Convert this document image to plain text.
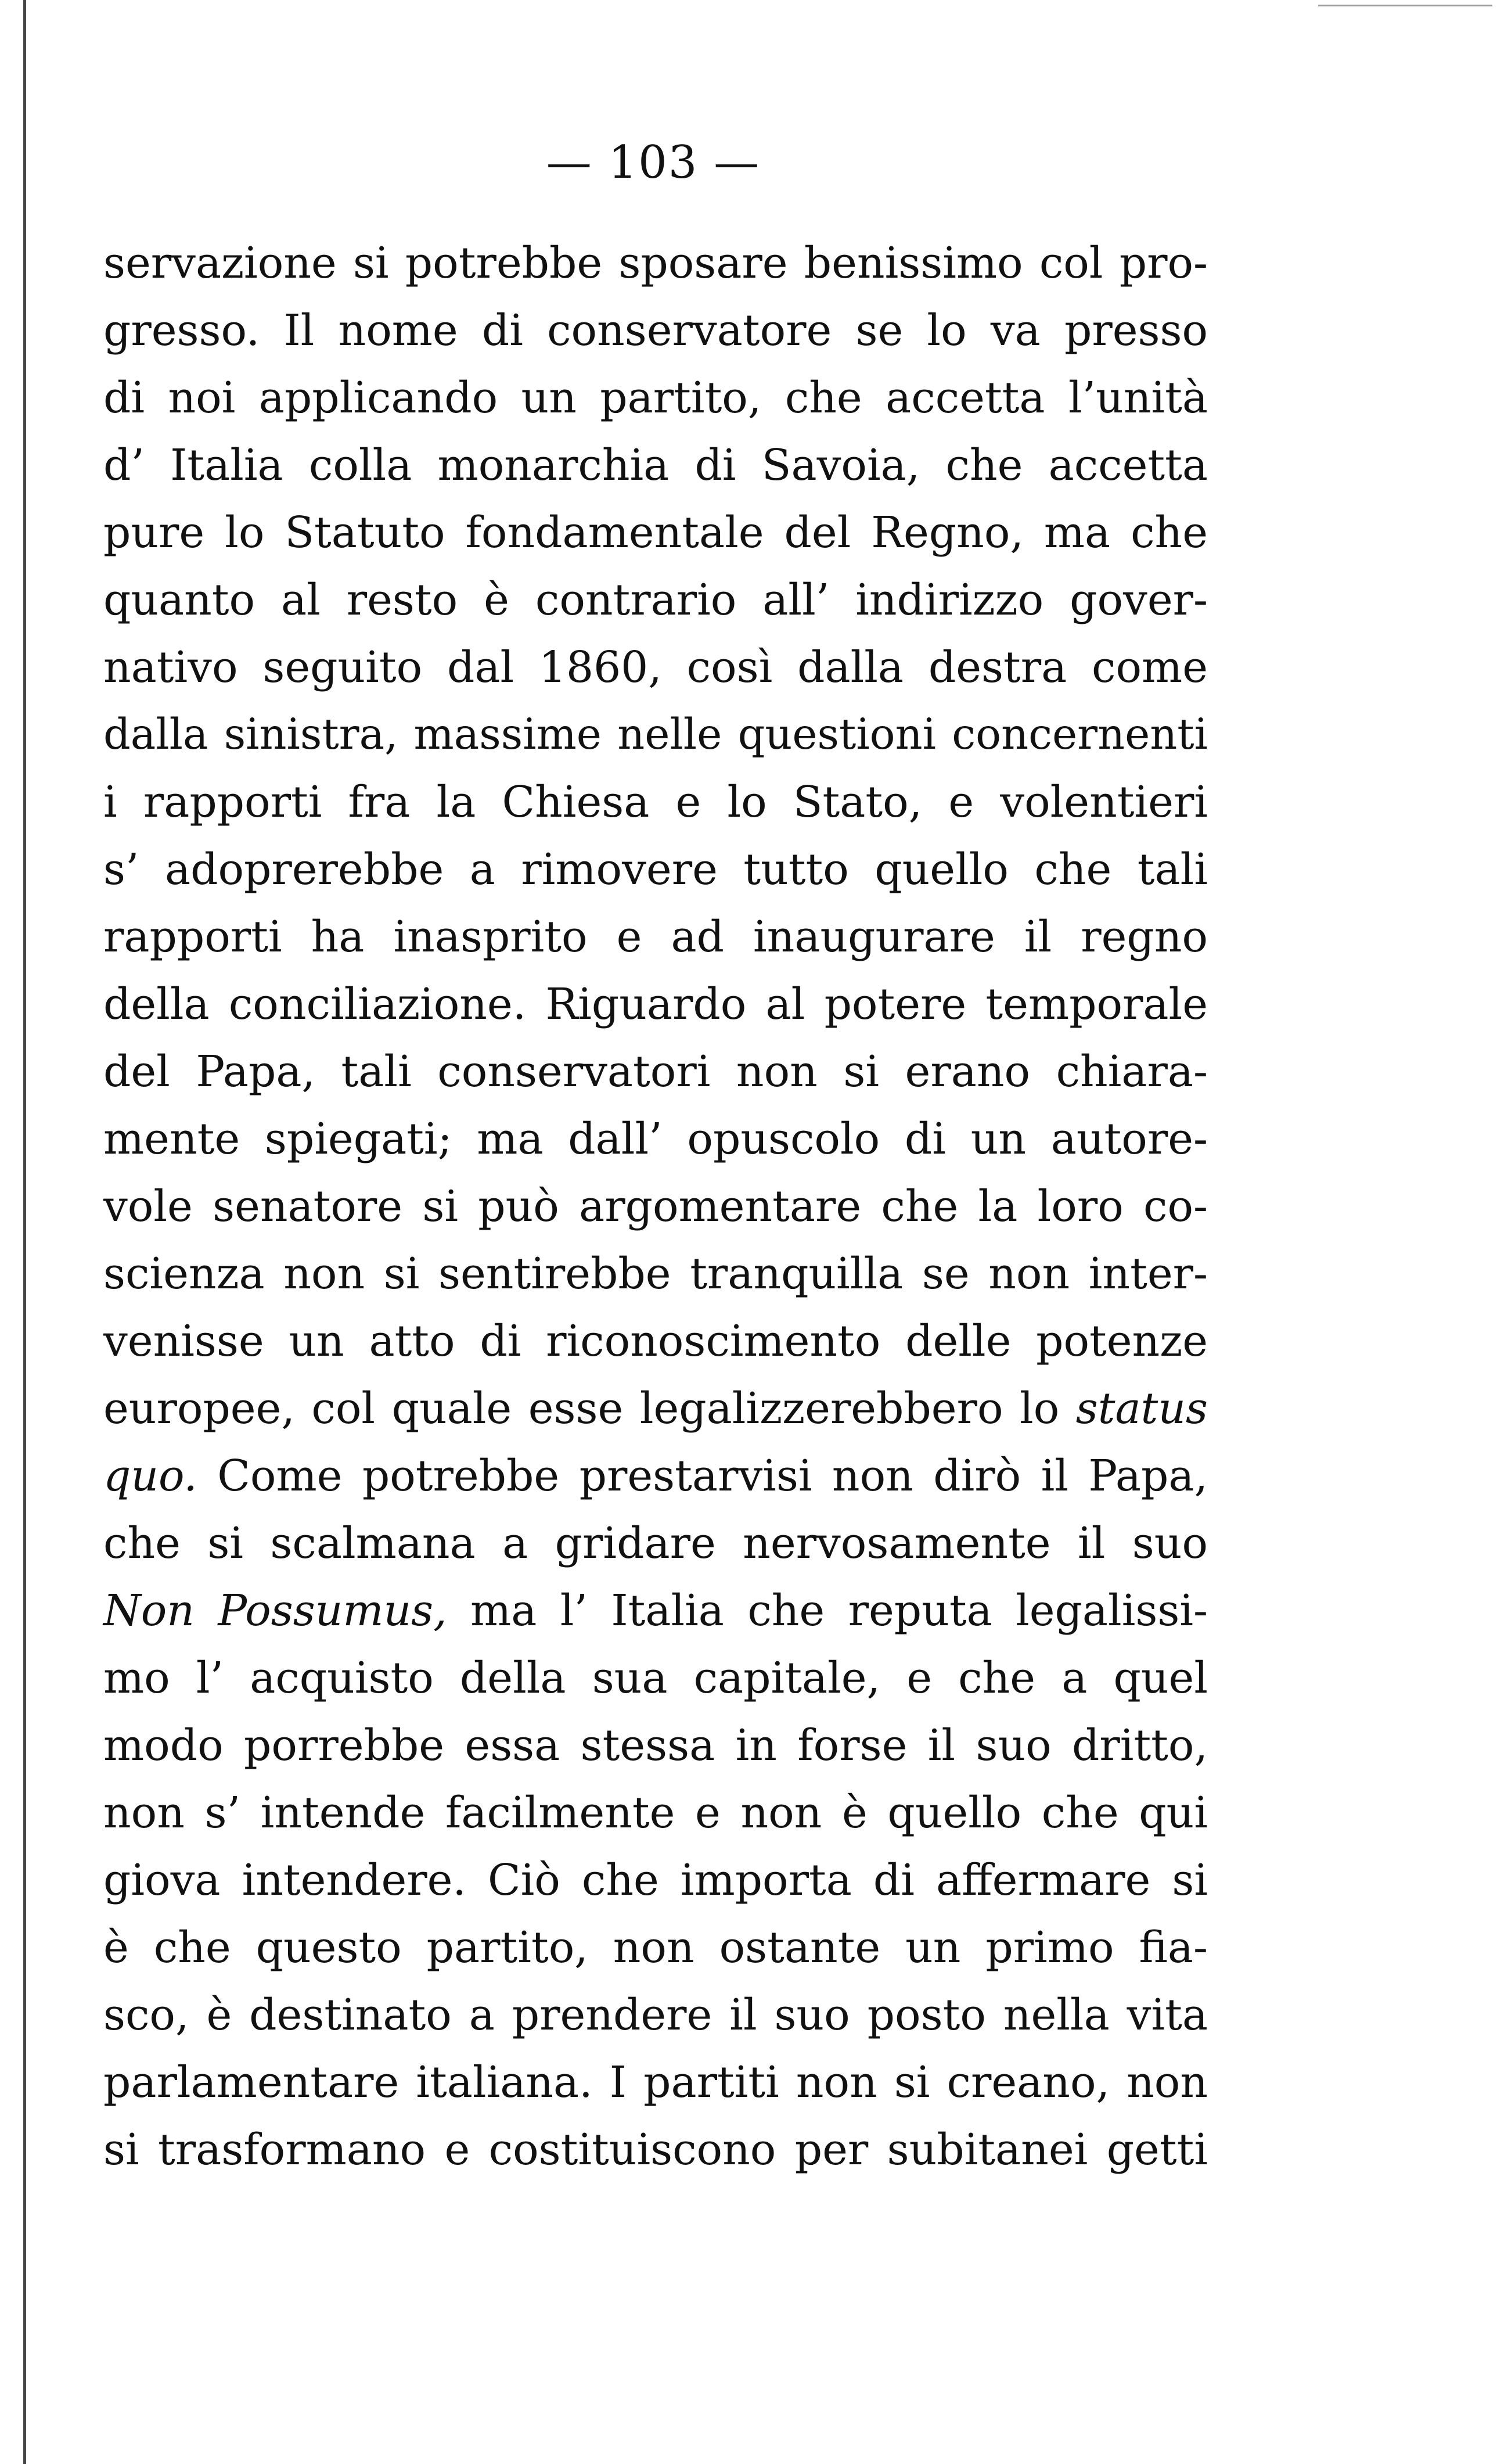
— 103 —
servazione si potrebbe sposare benissimo col pro-
gresso. Il nome di conservatore se lo va presso
di noi applicando un partito, che accetta l’unità
d’ Italia colla monarchia di Savoia, che accetta
pure lo Statuto fondamentale del Regno, ma che
quanto al resto è contrario all’ indirizzo gover-
nativo seguito dal 1860, così dalla destra come
dalla sinistra, massime nelle questioni concernenti
i rapporti fra la Chiesa e lo Stato, e volentieri
s’ adoprerebbe a rimovere tutto quello che tali
rapporti ha inasprito e ad inaugurare il regno
della conciliazione. Riguardo al potere temporale
del Papa, tali conservatori non si erano chiara-
mente spiegati; ma dall’ opuscolo di un autore-
vole senatore si può argomentare che la loro co-
scienza non si sentirebbe tranquilla se non inter-
venisse un atto di riconoscimento delle potenze
europee, col quale esse legalizzerebbero lo status
quo. Come potrebbe prestarvisi non dirò il Papa,
che si scalmana a gridare nervosamente il suo
Non Possumus, ma l’ Italia che reputa legalissi-
mo l’ acquisto della sua capitale, e che a quel
modo porrebbe essa stessa in forse il suo dritto,
non s’ intende facilmente e non è quello che qui
giova intendere. Ciò che importa di affermare si
è che questo partito, non ostante un primo fia-
sco, è destinato a prendere il suo posto nella vita
parlamentare italiana. I partiti non si creano, non
si trasformano e costituiscono per subitanei getti
